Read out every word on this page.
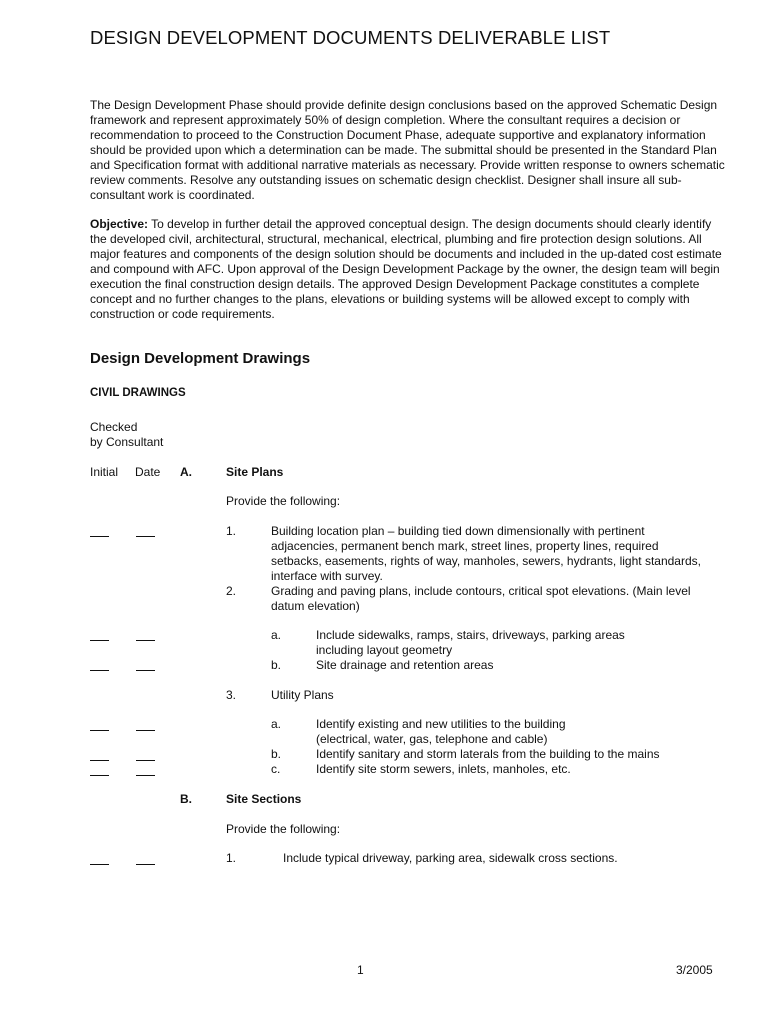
DESIGN DEVELOPMENT DOCUMENTS DELIVERABLE LIST

The Design Development Phase should provide definite design conclusions based on the approved Schematic Design framework and represent approximately 50% of design completion. Where the consultant requires a decision or recommendation to proceed to the Construction Document Phase, adequate supportive and explanatory information should be provided upon which a determination can be made. The submittal should be presented in the Standard Plan and Specification format with additional narrative materials as necessary. Provide written response to owners schematic review comments. Resolve any outstanding issues on schematic design checklist. Designer shall insure all sub-consultant work is coordinated.

Objective: To develop in further detail the approved conceptual design. The design documents should clearly identify the developed civil, architectural, structural, mechanical, electrical, plumbing and fire protection design solutions. All major features and components of the design solution should be documents and included in the up-dated cost estimate and compound with AFC. Upon approval of the Design Development Package by the owner, the design team will begin execution the final construction design details. The approved Design Development Package constitutes a complete concept and no further changes to the plans, elevations or building systems will be allowed except to comply with construction or code requirements.

Design Development Drawings
CIVIL DRAWINGS
Checked
by Consultant
Initial Date A.	Site Plans
Provide the following:
1.	Building location plan – building tied down dimensionally with pertinent
adjacencies, permanent bench mark, street lines, property lines, required
setbacks, easements, rights of way, manholes, sewers, hydrants, light standards,
interface with survey.
2.	Grading and paving plans, include contours, critical spot elevations. (Main level
datum elevation)
a.	Include sidewalks, ramps, stairs, driveways, parking areas
including layout geometry
b.	Site drainage and retention areas
3.	Utility Plans
a.	Identify existing and new utilities to the building
(electrical, water, gas, telephone and cable)
b.	Identify sanitary and storm laterals from the building to the mains
c.	Identify site storm sewers, inlets, manholes, etc.
B.	Site Sections
Provide the following:
1.	Include typical driveway, parking area, sidewalk cross sections.
1	3/2005
